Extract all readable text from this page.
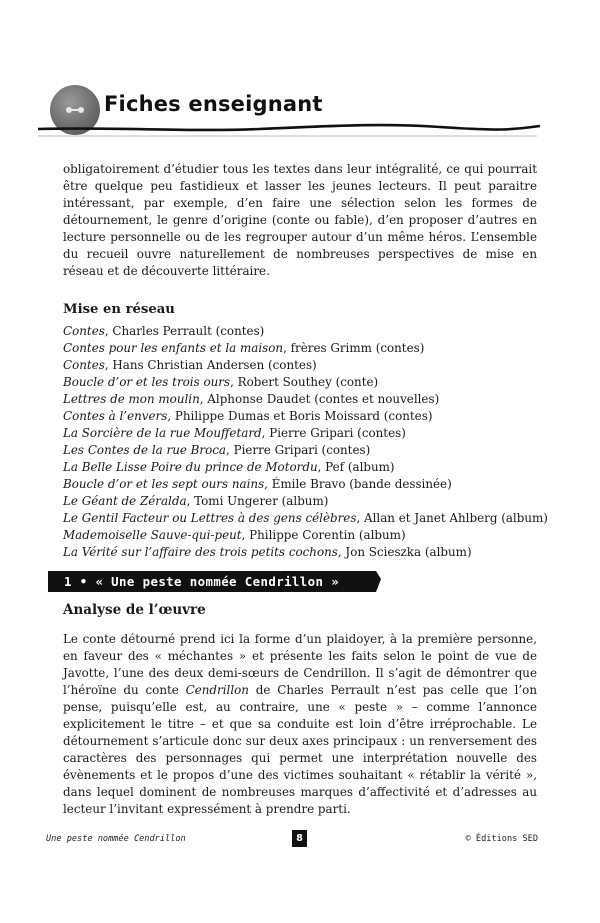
Fiches enseignant

obligatoirement d’étudier tous les textes dans leur intégralité, ce qui pourrait être quelque peu fastidieux et lasser les jeunes lecteurs. Il peut paraitre intéressant, par exemple, d’en faire une sélection selon les formes de détournement, le genre d’origine (conte ou fable), d’en proposer d’autres en lecture personnelle ou de les regrouper autour d’un même héros. L’ensemble du recueil ouvre naturellement de nombreuses perspectives de mise en réseau et de découverte littéraire.

Mise en réseau
Contes, Charles Perrault (contes)
Contes pour les enfants et la maison, frères Grimm (contes)
Contes, Hans Christian Andersen (contes)
Boucle d’or et les trois ours, Robert Southey (conte)
Lettres de mon moulin, Alphonse Daudet (contes et nouvelles)
Contes à l’envers, Philippe Dumas et Boris Moissard (contes)
La Sorcière de la rue Mouffetard, Pierre Gripari (contes)
Les Contes de la rue Broca, Pierre Gripari (contes)
La Belle Lisse Poire du prince de Motordu, Pef (album)
Boucle d’or et les sept ours nains, Émile Bravo (bande dessinée)
Le Géant de Zéralda, Tomi Ungerer (album)
Le Gentil Facteur ou Lettres à des gens célèbres, Allan et Janet Ahlberg (album)
Mademoiselle Sauve-qui-peut, Philippe Corentin (album)
La Vérité sur l’affaire des trois petits cochons, Jon Scieszka (album)
1 • « Une peste nommée Cendrillon »
Analyse de l’œuvre

Le conte détourné prend ici la forme d’un plaidoyer, à la première personne, en faveur des « méchantes » et présente les faits selon le point de vue de Javotte, l’une des deux demi-sœurs de Cendrillon. Il s’agit de démontrer que l’héroïne du conte Cendrillon de Charles Perrault n’est pas celle que l’on pense, puisqu’elle est, au contraire, une « peste » – comme l’annonce explicitement le titre – et que sa conduite est loin d’être irréprochable. Le détournement s’articule donc sur deux axes principaux : un renversement des caractères des personnages qui permet une interprétation nouvelle des évènements et le propos d’une des victimes souhaitant « rétablir la vérité », dans lequel dominent de nombreuses marques d’affectivité et d’adresses au lecteur l’invitant expressément à prendre parti.

Une peste nommée Cendrillon	8	© Éditions SED
